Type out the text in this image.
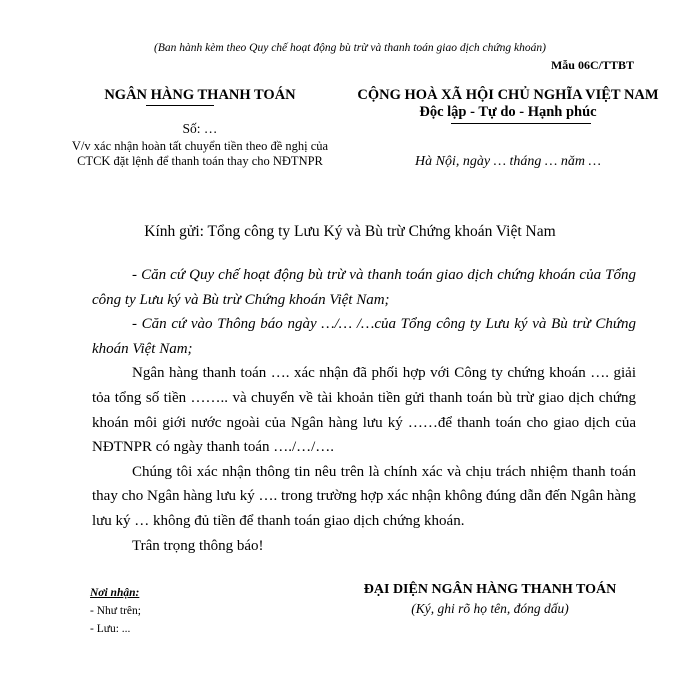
(Ban hành kèm theo Quy chế hoạt động bù trừ và thanh toán giao dịch chứng khoán)
Mẫu 06C/TTBT
NGÂN HÀNG THANH TOÁN
Số: …
V/v xác nhận hoàn tất chuyển tiền theo đề nghị của CTCK đặt lệnh để thanh toán thay cho NĐTNPR
CỘNG HOÀ XÃ HỘI CHỦ NGHĨA VIỆT NAM
Độc lập - Tự do - Hạnh phúc
Hà Nội, ngày … tháng … năm …
Kính gửi: Tổng công ty Lưu Ký và Bù trừ Chứng khoán Việt Nam

- Căn cứ Quy chế hoạt động bù trừ và thanh toán giao dịch chứng khoán của Tổng công ty Lưu ký và Bù trừ Chứng khoán Việt Nam;

- Căn cứ vào Thông báo ngày …/… /…của Tổng công ty Lưu ký và Bù trừ Chứng khoán Việt Nam;

Ngân hàng thanh toán …. xác nhận đã phối hợp với Công ty chứng khoán …. giải tỏa tổng số tiền …….. và chuyển về tài khoản tiền gửi thanh toán bù trừ giao dịch chứng khoán môi giới nước ngoài của Ngân hàng lưu ký ……để thanh toán cho giao dịch của NĐTNPR có ngày thanh toán …./…/….

Chúng tôi xác nhận thông tin nêu trên là chính xác và chịu trách nhiệm thanh toán thay cho Ngân hàng lưu ký …. trong trường hợp xác nhận không đúng dẫn đến Ngân hàng lưu ký … không đủ tiền để thanh toán giao dịch chứng khoán.

Trân trọng thông báo!

Nơi nhận:
- Như trên;
- Lưu: ...
ĐẠI DIỆN NGÂN HÀNG THANH TOÁN
(Ký, ghi rõ họ tên, đóng dấu)
